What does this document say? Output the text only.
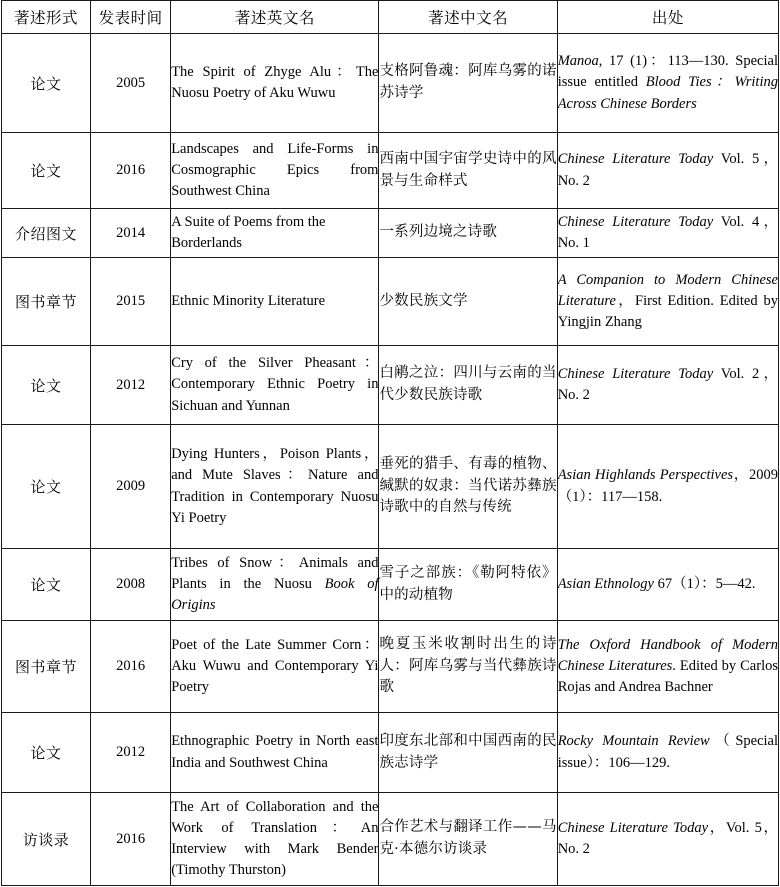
著述形式	发表时间	著述英文名	著述中文名	出处
论文	2005	The Spirit of Zhyge Alu：The Nuosu Poetry of Aku Wuwu	支格阿鲁魂：阿库乌雾的诺苏诗学	Manoa, 17 (1)：113—130. Special issue entitled Blood Ties：Writing Across Chinese Borders
论文	2016	Landscapes and Life-Forms in Cosmographic Epics from Southwest China	西南中国宇宙学史诗中的风景与生命样式	Chinese Literature Today Vol. 5，No. 2
介绍图文	2014	A Suite of Poems from the Borderlands	一系列边境之诗歌	Chinese Literature Today Vol. 4，No. 1
图书章节	2015	Ethnic Minority Literature	少数民族文学	A Companion to Modern Chinese Literature，First Edition. Edited by Yingjin Zhang
论文	2012	Cry of the Silver Pheasant：Contemporary Ethnic Poetry in Sichuan and Yunnan	白鹇之泣：四川与云南的当代少数民族诗歌	Chinese Literature Today Vol. 2，No. 2
论文	2009	Dying Hunters，Poison Plants，and Mute Slaves：Nature and Tradition in Contemporary Nuosu Yi Poetry	垂死的猎手、有毒的植物、缄默的奴隶：当代诺苏彝族诗歌中的自然与传统	Asian Highlands Perspectives，2009（1）：117—158.
论文	2008	Tribes of Snow：Animals and Plants in the Nuosu Book of Origins	雪子之部族：《勒阿特依》中的动植物	Asian Ethnology 67（1）：5—42.
图书章节	2016	Poet of the Late Summer Corn：Aku Wuwu and Contemporary Yi Poetry	晚夏玉米收割时出生的诗人：阿库乌雾与当代彝族诗歌	The Oxford Handbook of Modern Chinese Literatures. Edited by Carlos Rojas and Andrea Bachner
论文	2012	Ethnographic Poetry in North east India and Southwest China	印度东北部和中国西南的民族志诗学	Rocky Mountain Review（Special issue）：106—129.
访谈录	2016	The Art of Collaboration and the Work of Translation：An Interview with Mark Bender (Timothy Thurston)	合作艺术与翻译工作——马克·本德尔访谈录	Chinese Literature Today，Vol. 5，No. 2
